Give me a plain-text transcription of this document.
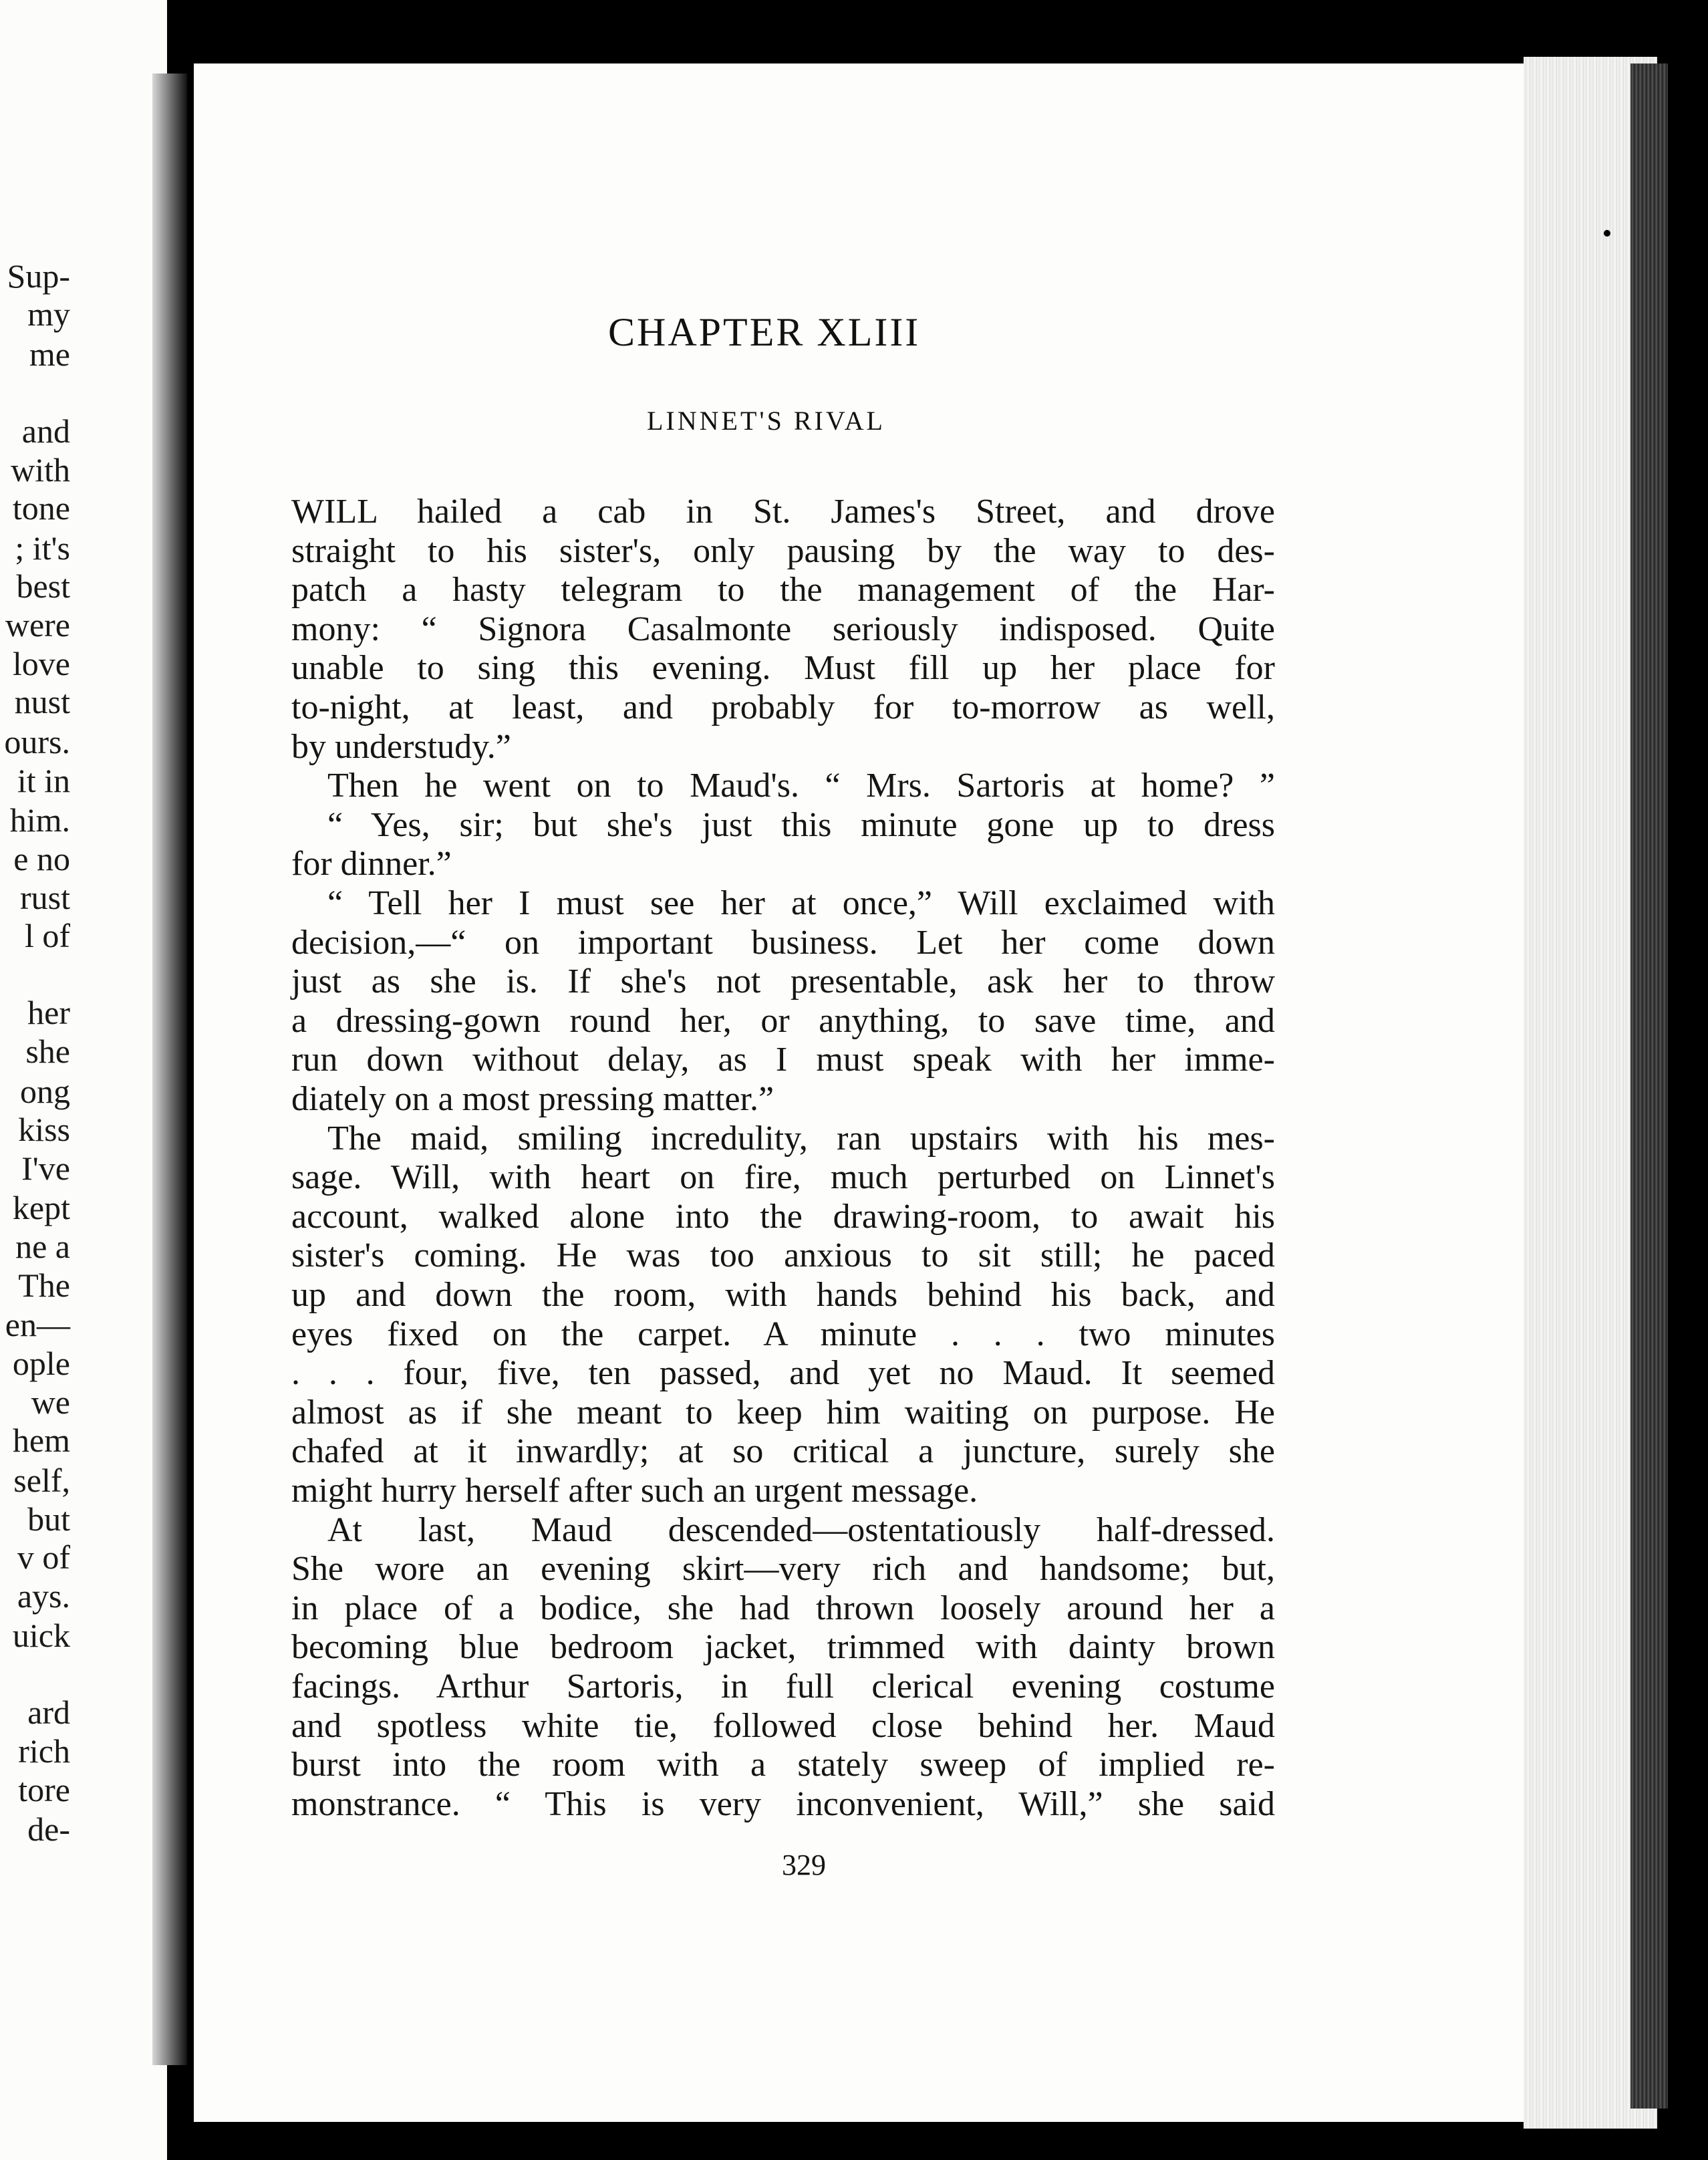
Sup-
my
me
and
with
tone
; it's
best
were
love
nust
ours.
it in
him.
e no
rust
l of
her
she
ong
kiss
I've
kept
ne a
The
en—
ople
we
hem
self,
but
v of
ays.
uick
ard
rich
tore
de-
CHAPTER XLIII
LINNET'S RIVAL
WILL hailed a cab in St. James's Street, and drove
straight to his sister's, only pausing by the way to des-
patch a hasty telegram to the management of the Har-
mony: “ Signora Casalmonte seriously indisposed. Quite
unable to sing this evening. Must fill up her place for
to-night, at least, and probably for to-morrow as well,
by understudy.”
Then he went on to Maud's. “ Mrs. Sartoris at home? ”
“ Yes, sir; but she's just this minute gone up to dress
for dinner.”
“ Tell her I must see her at once,” Will exclaimed with
decision,—“ on important business. Let her come down
just as she is. If she's not presentable, ask her to throw
a dressing-gown round her, or anything, to save time, and
run down without delay, as I must speak with her imme-
diately on a most pressing matter.”
The maid, smiling incredulity, ran upstairs with his mes-
sage. Will, with heart on fire, much perturbed on Linnet's
account, walked alone into the drawing-room, to await his
sister's coming. He was too anxious to sit still; he paced
up and down the room, with hands behind his back, and
eyes fixed on the carpet. A minute . . . two minutes
. . . four, five, ten passed, and yet no Maud. It seemed
almost as if she meant to keep him waiting on purpose. He
chafed at it inwardly; at so critical a juncture, surely she
might hurry herself after such an urgent message.
At last, Maud descended—ostentatiously half-dressed.
She wore an evening skirt—very rich and handsome; but,
in place of a bodice, she had thrown loosely around her a
becoming blue bedroom jacket, trimmed with dainty brown
facings. Arthur Sartoris, in full clerical evening costume
and spotless white tie, followed close behind her. Maud
burst into the room with a stately sweep of implied re-
monstrance. “ This is very inconvenient, Will,” she said
329
